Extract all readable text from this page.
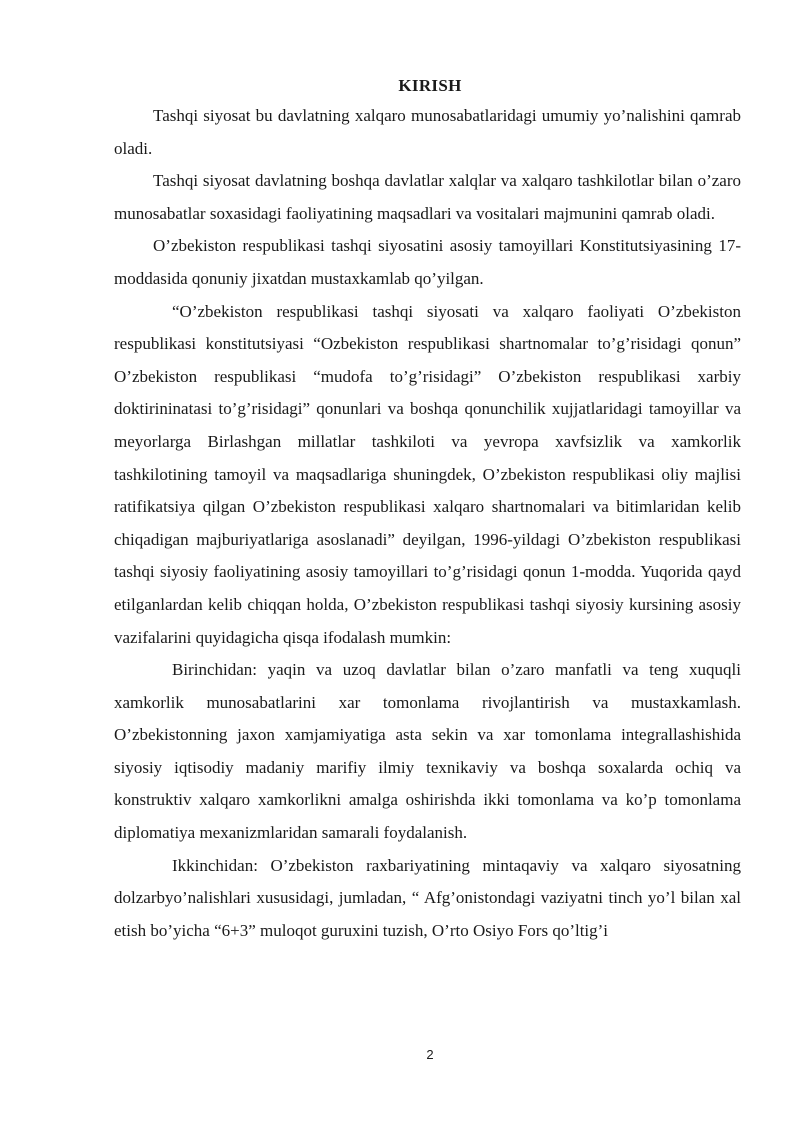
KIRISH

Tashqi siyosat bu davlatning xalqaro munosabatlaridagi umumiy yo’nalishini qamrab oladi.

Tashqi siyosat davlatning boshqa davlatlar xalqlar va xalqaro tashkilotlar bilan o’zaro munosabatlar soxasidagi faoliyatining maqsadlari va vositalari majmunini qamrab oladi.

O’zbekiston respublikasi tashqi siyosatini asosiy tamoyillari Konstitutsiyasining 17- moddasida qonuniy jixatdan mustaxkamlab qo’yilgan.

“O’zbekiston respublikasi tashqi siyosati va xalqaro faoliyati O’zbekiston respublikasi konstitutsiyasi “Ozbekiston respublikasi shartnomalar to’g’risidagi qonun” O’zbekiston respublikasi “mudofa to’g’risidagi” O’zbekiston respublikasi xarbiy doktirininatasi to’g’risidagi” qonunlari va boshqa qonunchilik xujjatlaridagi tamoyillar va meyorlarga Birlashgan millatlar tashkiloti va yevropa xavfsizlik va xamkorlik tashkilotining tamoyil va maqsadlariga shuningdek, O’zbekiston respublikasi oliy majlisi ratifikatsiya qilgan O’zbekiston respublikasi xalqaro shartnomalari va bitimlaridan kelib chiqadigan majburiyatlariga asoslanadi” deyilgan, 1996-yildagi O’zbekiston respublikasi tashqi siyosiy faoliyatining asosiy tamoyillari to’g’risidagi qonun 1-modda. Yuqorida qayd etilganlardan kelib chiqqan holda, O’zbekiston respublikasi tashqi siyosiy kursining asosiy vazifalarini quyidagicha qisqa ifodalash mumkin:

Birinchidan: yaqin va uzoq davlatlar bilan o’zaro manfatli va teng xuquqli xamkorlik munosabatlarini xar tomonlama rivojlantirish va mustaxkamlash. O’zbekistonning jaxon xamjamiyatiga asta sekin va xar tomonlama integrallashishida siyosiy iqtisodiy madaniy marifiy ilmiy texnikaviy va boshqa soxalarda ochiq va konstruktiv xalqaro xamkorlikni amalga oshirishda ikki tomonlama va ko’p tomonlama diplomatiya mexanizmlaridan samarali foydalanish.

Ikkinchidan: O’zbekiston raxbariyatining mintaqaviy va xalqaro siyosatning dolzarbyo’nalishlari xususidagi, jumladan, “ Afg’onistondagi vaziyatni tinch yo’l bilan xal etish bo’yicha “6+3” muloqot guruxini tuzish, O’rto Osiyo Fors qo’ltig’i

2
